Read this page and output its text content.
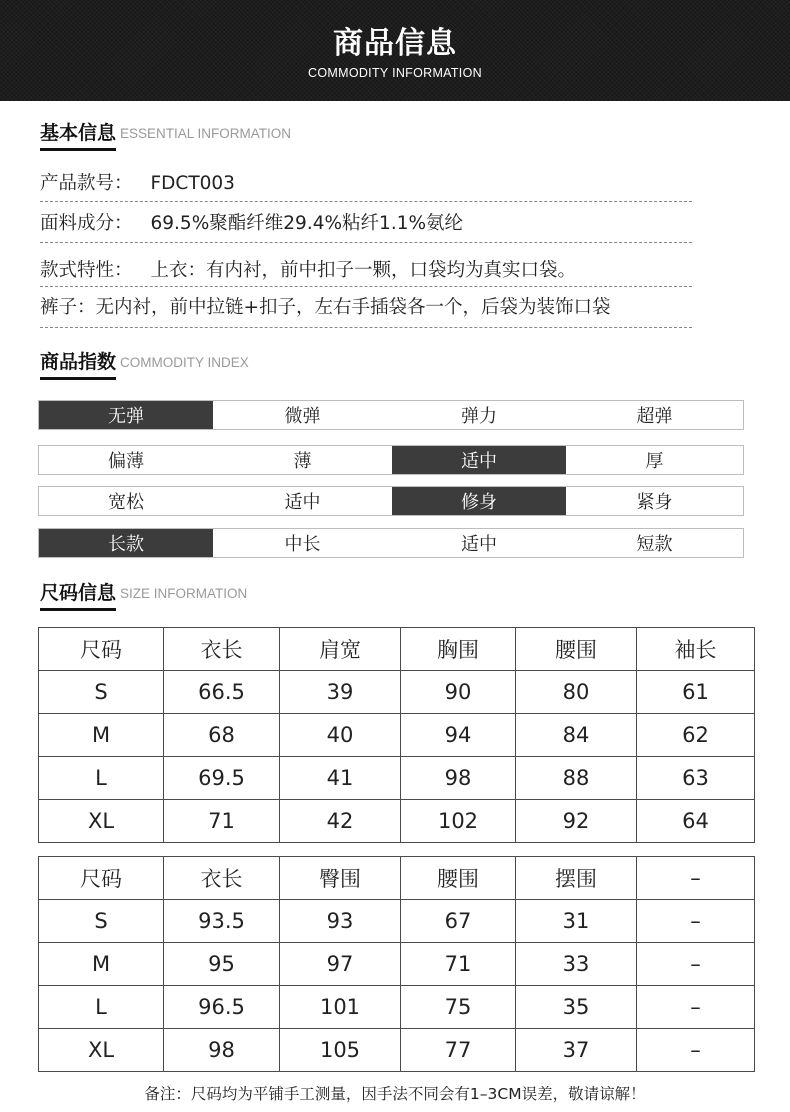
商品信息
COMMODITY INFORMATION
基本信息 ESSENTIAL INFORMATION
产品款号： FDCT003
面料成分： 69.5%聚酯纤维29.4%粘纤1.1%氨纶
款式特性： 上衣：有内衬，前中扣子一颗，口袋均为真实口袋。
裤子：无内衬，前中拉链+扣子，左右手插袋各一个，后袋为装饰口袋
商品指数 COMMODITY INDEX
无弹	微弹	弹力	超弹
偏薄	薄	适中	厚
宽松	适中	修身	紧身
长款	中长	适中	短款
尺码信息 SIZE INFORMATION
尺码	衣长	肩宽	胸围	腰围	袖长
S	66.5	39	90	80	61
M	68	40	94	84	62
L	69.5	41	98	88	63
XL	71	42	102	92	64
尺码	衣长	臀围	腰围	摆围	–
S	93.5	93	67	31	–
M	95	97	71	33	–
L	96.5	101	75	35	–
XL	98	105	77	37	–
备注：尺码均为平铺手工测量，因手法不同会有1–3CM误差，敬请谅解！
